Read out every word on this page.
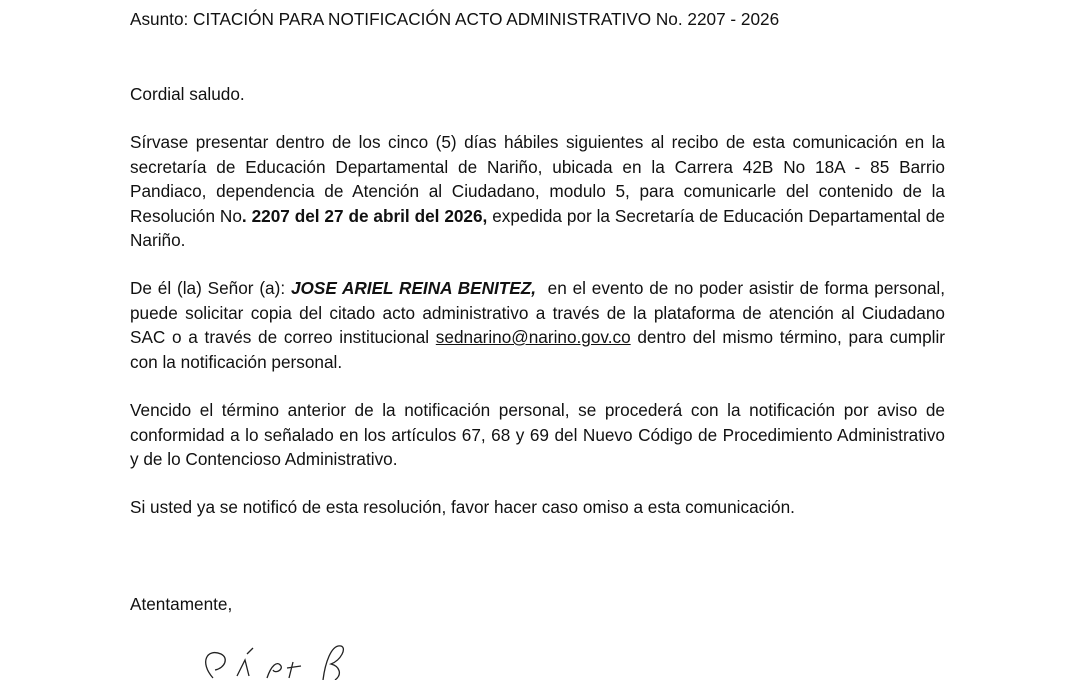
Asunto: CITACIÓN PARA NOTIFICACIÓN ACTO ADMINISTRATIVO No. 2207 - 2026
Cordial saludo.
Sírvase presentar dentro de los cinco (5) días hábiles siguientes al recibo de esta comunicación en la secretaría de Educación Departamental de Nariño, ubicada en la Carrera 42B No 18A - 85 Barrio Pandiaco, dependencia de Atención al Ciudadano, modulo 5, para comunicarle del contenido de la Resolución No. 2207 del 27 de abril del 2026, expedida por la Secretaría de Educación Departamental de Nariño.
De él (la) Señor (a): JOSE ARIEL REINA BENITEZ,  en el evento de no poder asistir de forma personal, puede solicitar copia del citado acto administrativo a través de la plataforma de atención al Ciudadano SAC o a través de correo institucional sednarino@narino.gov.co dentro del mismo término, para cumplir con la notificación personal.
Vencido el término anterior de la notificación personal, se procederá con la notificación por aviso de conformidad a lo señalado en los artículos 67, 68 y 69 del Nuevo Código de Procedimiento Administrativo y de lo Contencioso Administrativo.
Si usted ya se notificó de esta resolución, favor hacer caso omiso a esta comunicación.
Atentamente,
